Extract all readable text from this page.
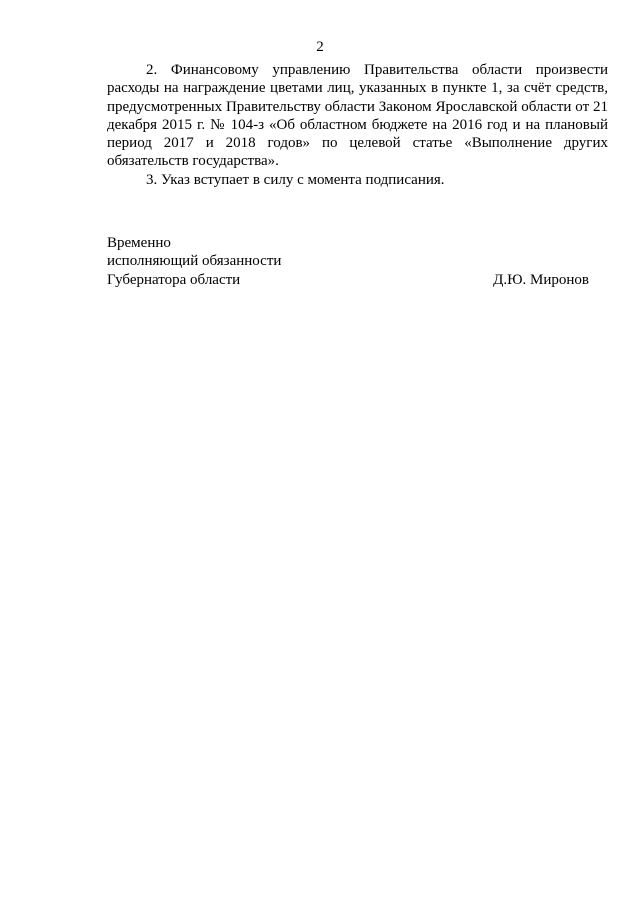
2

2. Финансовому управлению Правительства области произвести расходы на награждение цветами лиц, указанных в пункте 1, за счёт средств, предусмотренных Правительству области Законом Ярославской области от 21 декабря 2015 г. № 104-з «Об областном бюджете на 2016 год и на плановый период 2017 и 2018 годов» по целевой статье «Выполнение других обязательств государства».

3. Указ вступает в силу с момента подписания.

Временно
исполняющий обязанности
Губернатора области	Д.Ю. Миронов
